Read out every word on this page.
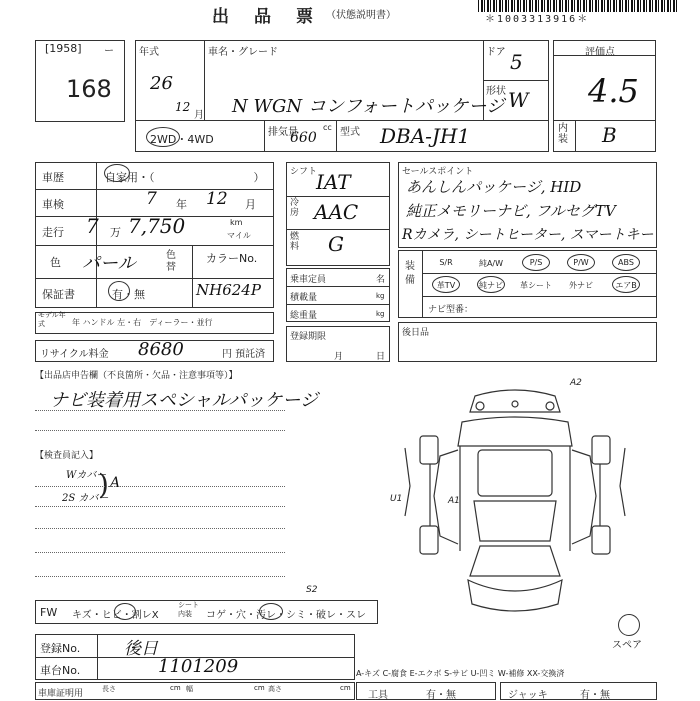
出　品　票 （状態説明書）	＊1003313916＊
[1958] ー
168
年式
26
12
月
車名・グレード
N WGN コンフォートパッケージ
ドア 5
形状 W
2WD・4WD
排気量	cc
660 型式 DBA-JH1
評価点
4.5
内装 B
車歴	自家用・（　　　　　　　　　）
車検	7 年 12 月
走行 7 万 7,750	km
マイル
色 パール	色替
カラーNo.
NH624P
保証書	有・無
モデル年式	年 ハンドル 左・右　ディーラー・並行
リサイクル料金 8680	円 預託済
シフト
IAT
冷房 AAC
燃料 G
乗車定員	名
積載量	kg
総重量	kg
登録期限
月	日
セールスポイント
あんしんパッケージ, HID
純正メモリーナビ, フルセグTV
Rカメラ, シートヒーター, スマートキー
装備
S/R	純A/W	P/S	P/W	ABS
革TV	純ナビ	革シート	外ナビ	エアB
ナビ型番：
後日品
【出品店申告欄（不良箇所・欠品・注意事項等）】
ナビ装着用スペシャルパッケージ
【検査員記入】
Wカバー
2S カバー
A
)
A2
U1	A1
S2
スペア
FW キズ・ヒビ・割レX
シート 内装	コゲ・穴・汚レ・シミ・破レ・スレ
登録No.	後日
車台No.	1101209	A-キズ C-腐食 E-エクボ S-サビ U-凹ミ W-補修 XX-交換済
車庫証明用	長さ	cm 幅	cm 高さ	cm
工具	有・無	ジャッキ	有・無
